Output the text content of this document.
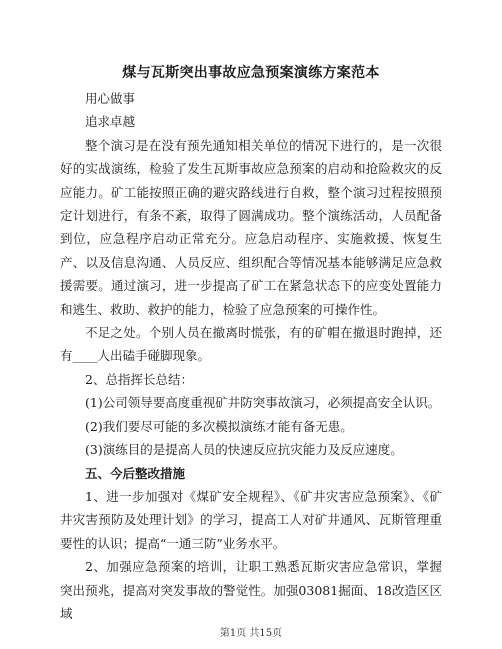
煤与瓦斯突出事故应急预案演练方案范本

用心做事

追求卓越

整个演习是在没有预先通知相关单位的情况下进行的，是一次很好的实战演练，检验了发生瓦斯事故应急预案的启动和抢险救灾的反应能力。矿工能按照正确的避灾路线进行自救，整个演习过程按照预定计划进行，有条不紊，取得了圆满成功。整个演练活动，人员配备到位，应急程序启动正常充分。应急启动程序、实施救援、恢复生产、以及信息沟通、人员反应、组织配合等情况基本能够满足应急救援需要。通过演习，进一步提高了矿工在紧急状态下的应变处置能力和逃生、救助、救护的能力，检验了应急预案的可操作性。

不足之处。个别人员在撤离时慌张，有的矿帽在撤退时跑掉，还有____人出磕手碰脚现象。

2、总指挥长总结：

(1)公司领导要高度重视矿井防突事故演习，必须提高安全认识。

(2)我们要尽可能的多次模拟演练才能有备无患。

(3)演练目的是提高人员的快速反应抗灾能力及反应速度。

五、今后整改措施

1、进一步加强对《煤矿安全规程》、《矿井灾害应急预案》、《矿井灾害预防及处理计划》的学习，提高工人对矿井通风、瓦斯管理重要性的认识；提高“一通三防”业务水平。

2、加强应急预案的培训，让职工熟悉瓦斯灾害应急常识，掌握突出预兆，提高对突发事故的警觉性。加强03081掘面、18改造区区域

第1页 共15页
